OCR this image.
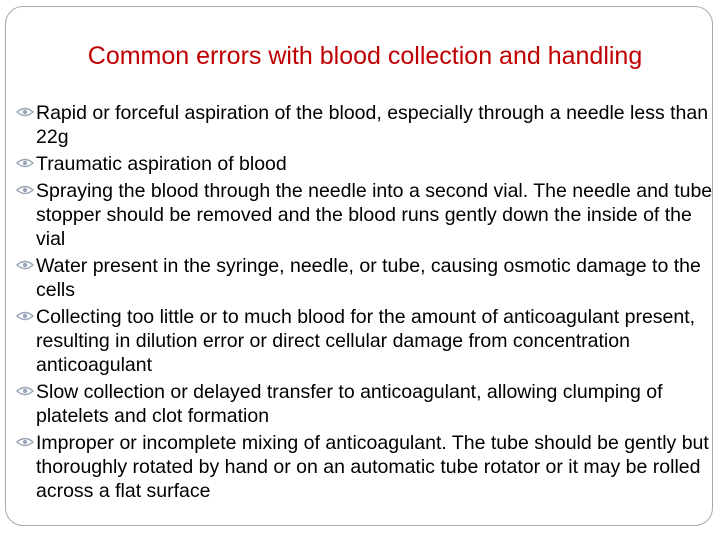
Common errors with blood collection and handling
Rapid or forceful aspiration of the blood, especially through a needle less than 22g
Traumatic aspiration of blood
Spraying the blood through the needle into a second vial. The needle and tube stopper should be removed and the blood runs gently down the inside of the vial
Water present in the syringe, needle, or tube, causing osmotic damage to the cells
Collecting too little or to much blood for the amount of anticoagulant present, resulting in dilution error or direct cellular damage from concentration anticoagulant
Slow collection or delayed transfer to anticoagulant, allowing clumping of platelets and clot formation
Improper or incomplete mixing of anticoagulant. The tube should be gently but thoroughly rotated by hand or on an automatic tube rotator or it may be rolled across a flat surface
